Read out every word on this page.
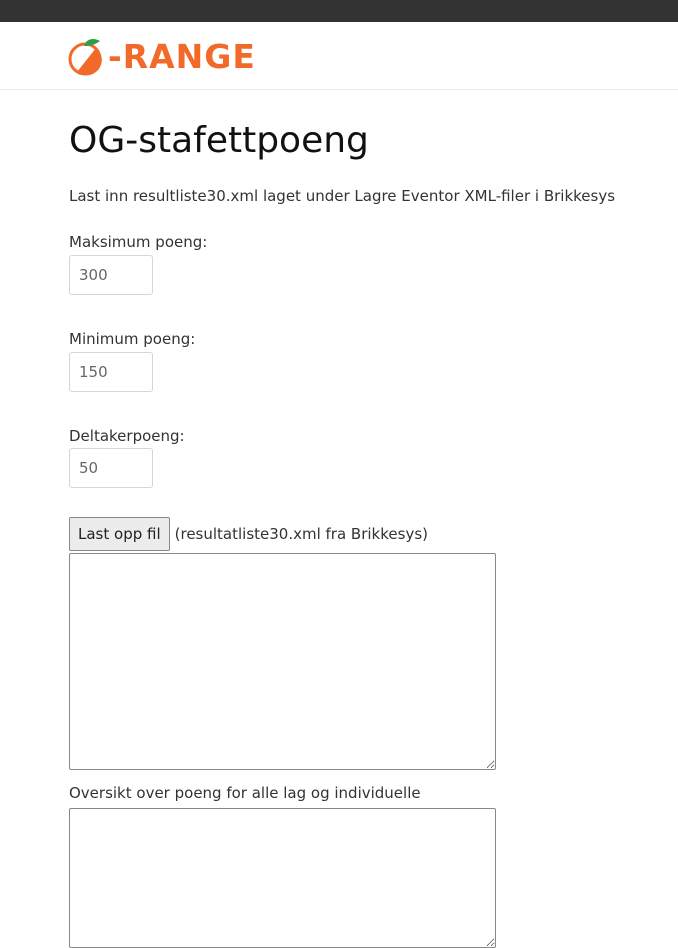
-RANGE
OG-stafettpoeng

Last inn resultliste30.xml laget under Lagre Eventor XML-filer i Brikkesys

Maksimum poeng:
300
Minimum poeng:
150
Deltakerpoeng:
50
Last opp fil (resultatliste30.xml fra Brikkesys)
Oversikt over poeng for alle lag og individuelle
